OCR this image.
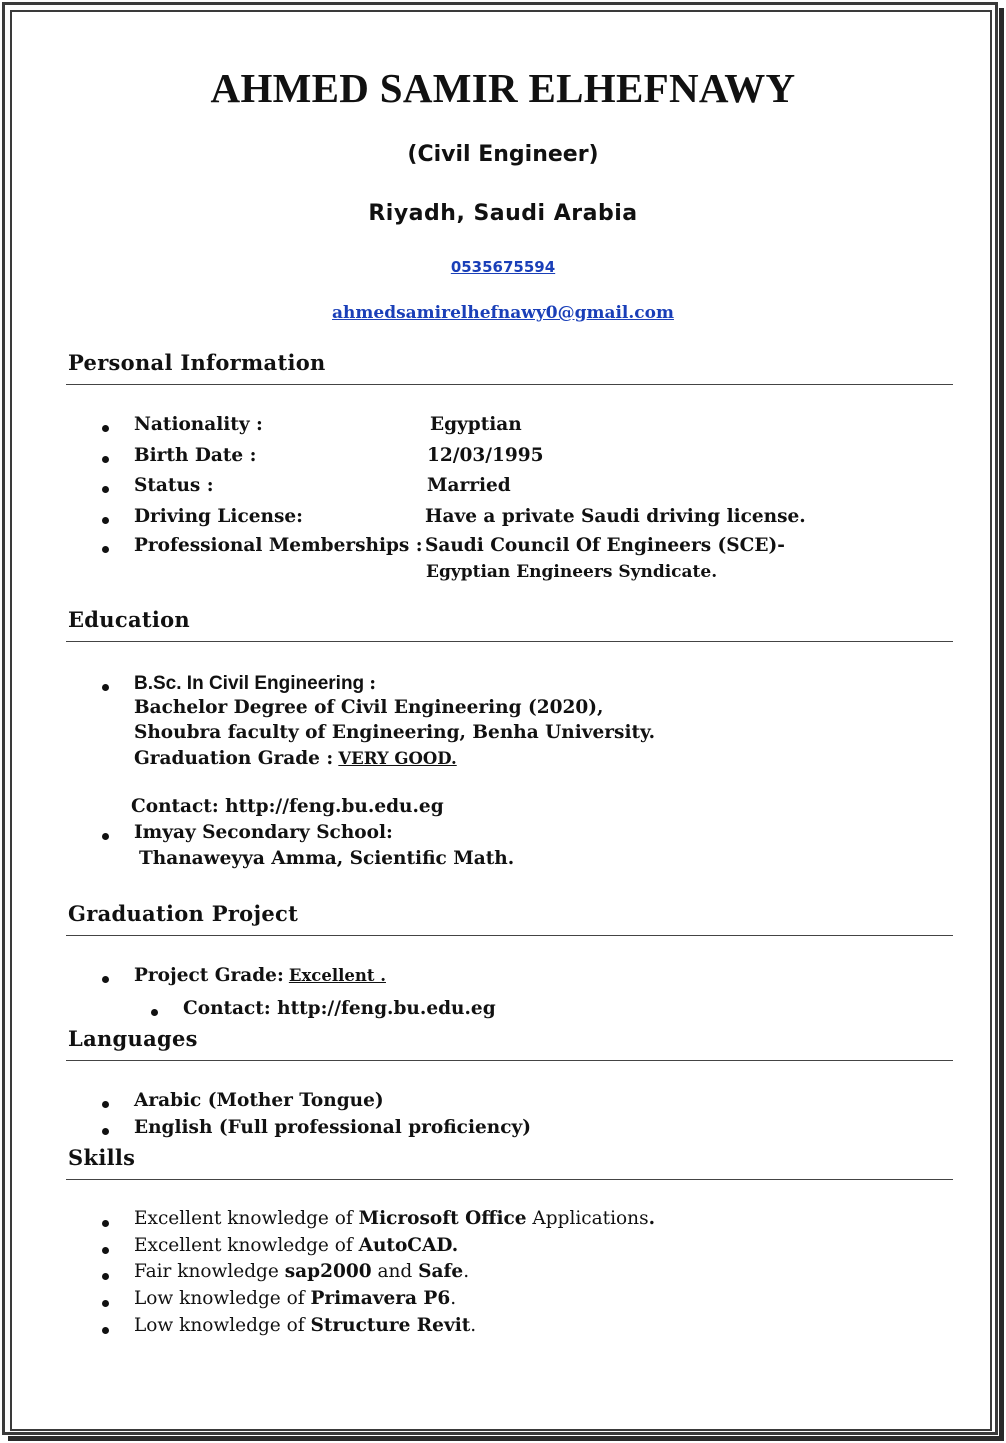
AHMED SAMIR ELHEFNAWY
(Civil Engineer)
Riyadh, Saudi Arabia
0535675594
ahmedsamirelhefnawy0@gmail.com
Personal Information
Nationality :	Egyptian
Birth Date :	12/03/1995
Status :	Married
Driving License:	Have a private Saudi driving license.
Professional Memberships : Saudi Council Of Engineers (SCE)-
Egyptian Engineers Syndicate.
Education
B.Sc. In Civil Engineering :
Bachelor Degree of Civil Engineering (2020),
Shoubra faculty of Engineering, Benha University.
Graduation Grade : VERY GOOD.
Contact: http://feng.bu.edu.eg
Imyay Secondary School:
Thanaweyya Amma, Scientific Math.
Graduation Project
Project Grade: Excellent .
Contact: http://feng.bu.edu.eg
Languages
Arabic (Mother Tongue)
English (Full professional proficiency)
Skills
Excellent knowledge of Microsoft Office Applications.
Excellent knowledge of AutoCAD.
Fair knowledge sap2000 and Safe.
Low knowledge of Primavera P6.
Low knowledge of Structure Revit.
